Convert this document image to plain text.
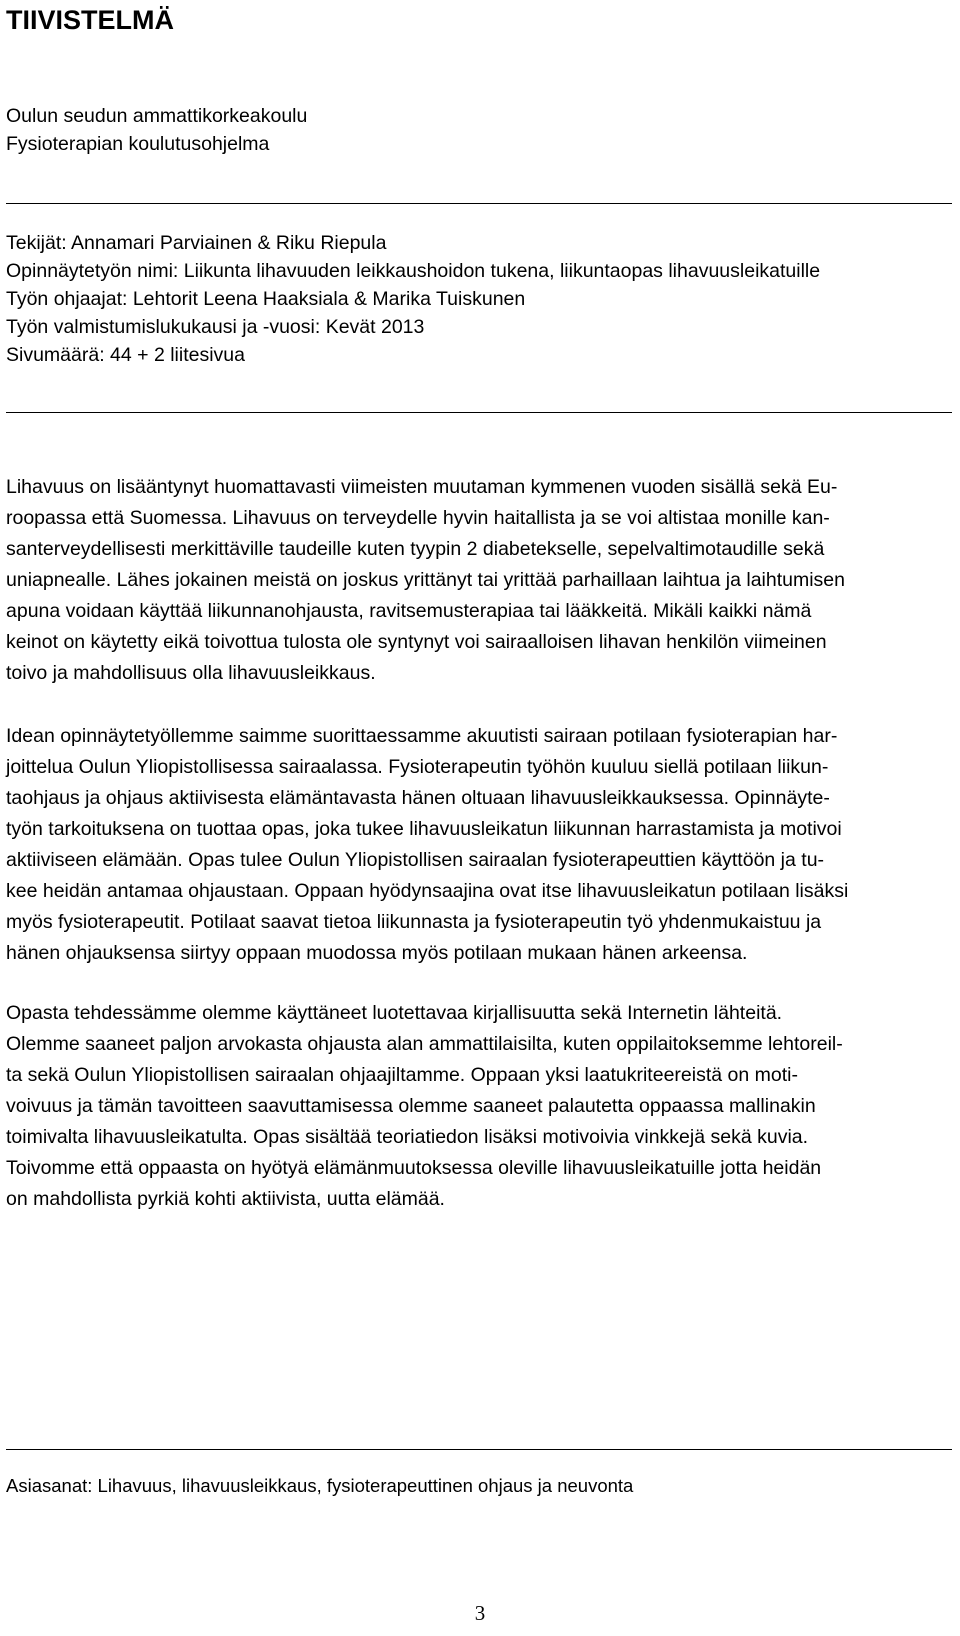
TIIVISTELMÄ
Oulun seudun ammattikorkeakoulu
Fysioterapian koulutusohjelma
Tekijät: Annamari Parviainen & Riku Riepula
Opinnäytetyön nimi: Liikunta lihavuuden leikkaushoidon tukena, liikuntaopas lihavuusleikatuille
Työn ohjaajat: Lehtorit Leena Haaksiala & Marika Tuiskunen
Työn valmistumislukukausi ja -vuosi: Kevät 2013
Sivumäärä: 44 + 2 liitesivua
Lihavuus on lisääntynyt huomattavasti viimeisten muutaman kymmenen vuoden sisällä sekä Eu-
roopassa että Suomessa. Lihavuus on terveydelle hyvin haitallista ja se voi altistaa monille kan-
santerveydellisesti merkittäville taudeille kuten tyypin 2 diabetekselle, sepelvaltimotaudille sekä
uniapnealle. Lähes jokainen meistä on joskus yrittänyt tai yrittää parhaillaan laihtua ja laihtumisen
apuna voidaan käyttää liikunnanohjausta, ravitsemusterapiaa tai lääkkeitä. Mikäli kaikki nämä
keinot on käytetty eikä toivottua tulosta ole syntynyt voi sairaalloisen lihavan henkilön viimeinen
toivo ja mahdollisuus olla lihavuusleikkaus.
Idean opinnäytetyöllemme saimme suorittaessamme akuutisti sairaan potilaan fysioterapian har-
joittelua Oulun Yliopistollisessa sairaalassa. Fysioterapeutin työhön kuuluu siellä potilaan liikun-
taohjaus ja ohjaus aktiivisesta elämäntavasta hänen oltuaan lihavuusleikkauksessa. Opinnäyte-
työn tarkoituksena on tuottaa opas, joka tukee lihavuusleikatun liikunnan harrastamista ja motivoi
aktiiviseen elämään. Opas tulee Oulun Yliopistollisen sairaalan fysioterapeuttien käyttöön ja tu-
kee heidän antamaa ohjaustaan. Oppaan hyödynsaajina ovat itse lihavuusleikatun potilaan lisäksi
myös fysioterapeutit. Potilaat saavat tietoa liikunnasta ja fysioterapeutin työ yhdenmukaistuu ja
hänen ohjauksensa siirtyy oppaan muodossa myös potilaan mukaan hänen arkeensa.
Opasta tehdessämme olemme käyttäneet luotettavaa kirjallisuutta sekä Internetin lähteitä.
Olemme saaneet paljon arvokasta ohjausta alan ammattilaisilta, kuten oppilaitoksemme lehtoreil-
ta sekä Oulun Yliopistollisen sairaalan ohjaajiltamme. Oppaan yksi laatukriteereistä on moti-
voivuus ja tämän tavoitteen saavuttamisessa olemme saaneet palautetta oppaassa mallinakin
toimivalta lihavuusleikatulta. Opas sisältää teoriatiedon lisäksi motivoivia vinkkejä sekä kuvia.
Toivomme että oppaasta on hyötyä elämänmuutoksessa oleville lihavuusleikatuille jotta heidän
on mahdollista pyrkiä kohti aktiivista, uutta elämää.

Asiasanat: Lihavuus, lihavuusleikkaus, fysioterapeuttinen ohjaus ja neuvonta

3
